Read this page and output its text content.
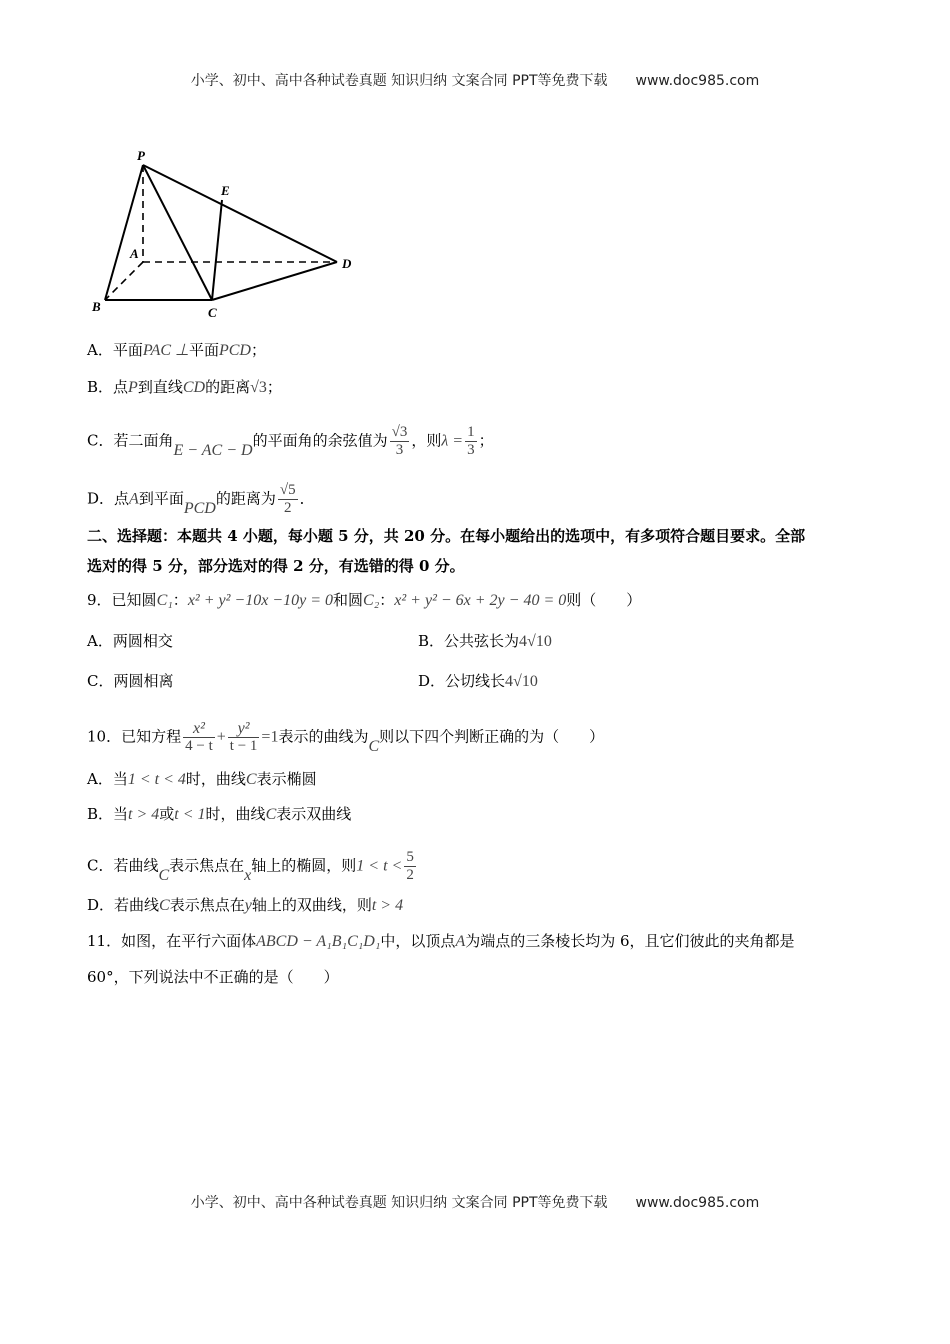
小学、初中、高中各种试卷真题 知识归纳 文案合同 PPT等免费下载 www.doc985.com
P
E
A
D
B	C
A．平面PAC ⊥平面PCD；
B．点P到直线CD的距离√3；
C．若二面角E − AC − D的平面角的余弦值为 $\frac{√3}{3}$ ，则$\lambda = \frac{1}{3}$ ；
D．点A到平面PCD的距离为 $\frac{√5}{2}$ ．
二、选择题：本题共 4 小题，每小题 5 分，共 20 分。在每小题给出的选项中，有多项符合题目要求。全部
选对的得 5 分，部分选对的得 2 分，有选错的得 0 分。
9．已知圆C₁：x² + y² −10x −10y = 0和圆C₂：x² + y² − 6x + 2y − 40 = 0则（　　）
A．两圆相交	B．公共弦长为4√10
C．两圆相离	D．公切线长4√10
10．已知方程 $\frac{\text{x²}}{4 - t} + \frac{\text{y²}}{t - 1} =1$表示的曲线为C则以下四个判断正确的为（　　）
A．当1 < t < 4时，曲线C表示椭圆
B．当t > 4或t < 1时，曲线C表示双曲线
C．若曲线C表示焦点在x轴上的椭圆，则$1 < t < \frac{5}{2}$
D．若曲线C表示焦点在y轴上的双曲线，则t > 4
11．如图，在平行六面体ABCD − A₁B₁C₁D₁中，以顶点A为端点的三条棱长均为 6，且它们彼此的夹角都是
60°，下列说法中不正确的是（　　）
小学、初中、高中各种试卷真题 知识归纳 文案合同 PPT等免费下载 www.doc985.com
